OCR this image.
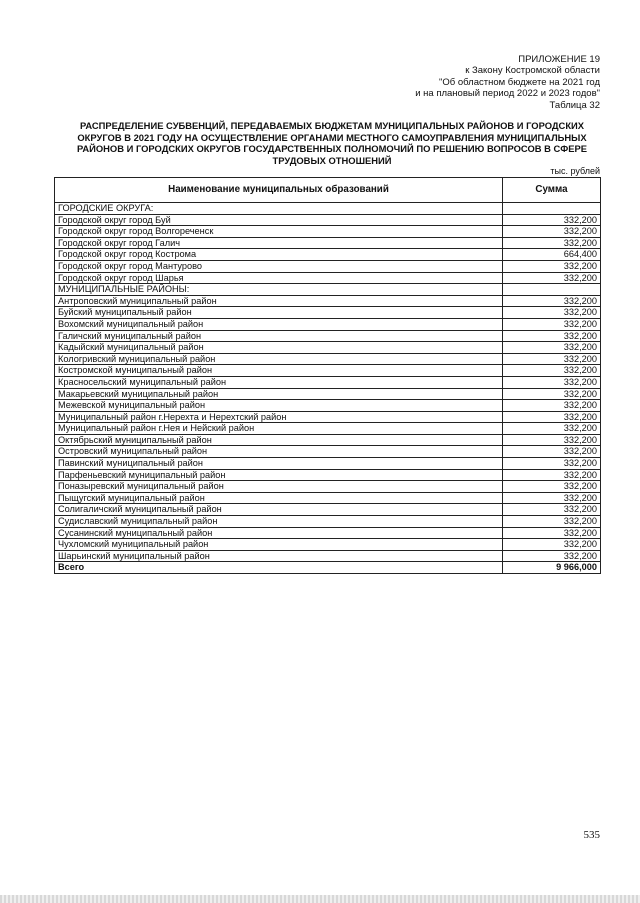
ПРИЛОЖЕНИЕ 19
к Закону Костромской области
"Об областном бюджете на 2021 год
и на плановый период 2022 и 2023 годов"
Таблица 32
РАСПРЕДЕЛЕНИЕ СУБВЕНЦИЙ, ПЕРЕДАВАЕМЫХ БЮДЖЕТАМ МУНИЦИПАЛЬНЫХ РАЙОНОВ И ГОРОДСКИХ ОКРУГОВ В 2021 ГОДУ НА ОСУЩЕСТВЛЕНИЕ ОРГАНАМИ МЕСТНОГО САМОУПРАВЛЕНИЯ МУНИЦИПАЛЬНЫХ РАЙОНОВ И ГОРОДСКИХ ОКРУГОВ ГОСУДАРСТВЕННЫХ ПОЛНОМОЧИЙ ПО РЕШЕНИЮ ВОПРОСОВ В СФЕРЕ ТРУДОВЫХ ОТНОШЕНИЙ
тыс. рублей
Наименование муниципальных образований	Сумма
ГОРОДСКИЕ ОКРУГА:	
Городской округ город Буй	332,200
Городской округ город Волгореченск	332,200
Городской округ город Галич	332,200
Городской округ город Кострома	664,400
Городской округ город Мантурово	332,200
Городской округ город Шарья	332,200
МУНИЦИПАЛЬНЫЕ РАЙОНЫ:	
Антроповский муниципальный район	332,200
Буйский муниципальный район	332,200
Вохомский муниципальный район	332,200
Галичский муниципальный район	332,200
Кадыйский муниципальный район	332,200
Кологривский муниципальный район	332,200
Костромской муниципальный район	332,200
Красносельский муниципальный район	332,200
Макарьевский муниципальный район	332,200
Межевской муниципальный район	332,200
Муниципальный район г.Нерехта и Нерехтский район	332,200
Муниципальный район г.Нея и Нейский район	332,200
Октябрьский муниципальный район	332,200
Островский муниципальный район	332,200
Павинский муниципальный район	332,200
Парфеньевский муниципальный район	332,200
Поназыревский муниципальный район	332,200
Пыщугский муниципальный район	332,200
Солигаличский муниципальный район	332,200
Судиславский муниципальный район	332,200
Сусанинский муниципальный район	332,200
Чухломский муниципальный район	332,200
Шарьинский муниципальный район	332,200
Всего	9 966,000
535
